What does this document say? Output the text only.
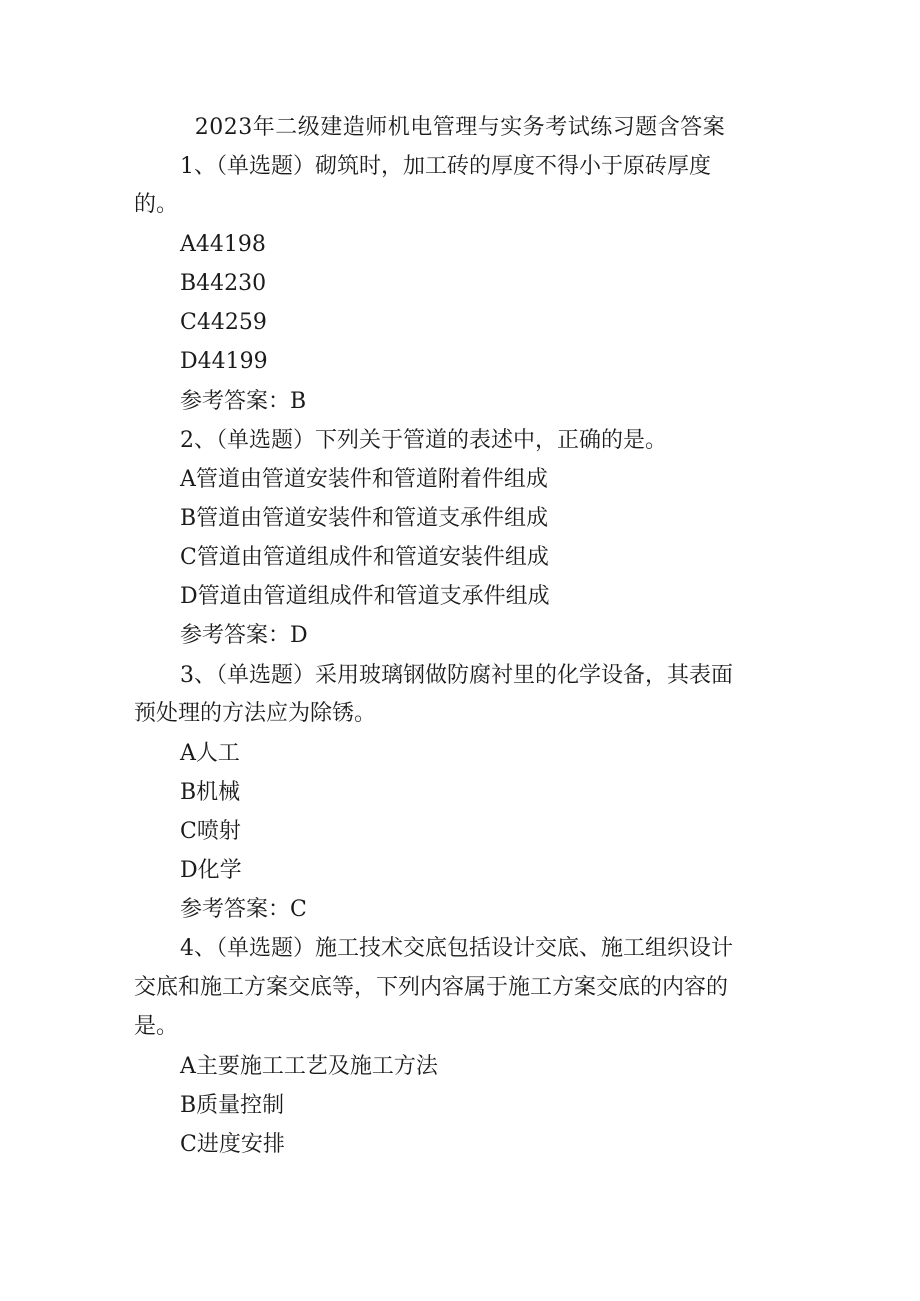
2023年二级建造师机电管理与实务考试练习题含答案
1、（单选题）砌筑时，加工砖的厚度不得小于原砖厚度
的。
A44198
B44230
C44259
D44199
参考答案：B
2、（单选题）下列关于管道的表述中，正确的是。
A管道由管道安装件和管道附着件组成
B管道由管道安装件和管道支承件组成
C管道由管道组成件和管道安装件组成
D管道由管道组成件和管道支承件组成
参考答案：D
3、（单选题）采用玻璃钢做防腐衬里的化学设备，其表面
预处理的方法应为除锈。
A人工
B机械
C喷射
D化学
参考答案：C
4、（单选题）施工技术交底包括设计交底、施工组织设计
交底和施工方案交底等，下列内容属于施工方案交底的内容的
是。
A主要施工工艺及施工方法
B质量控制
C进度安排
